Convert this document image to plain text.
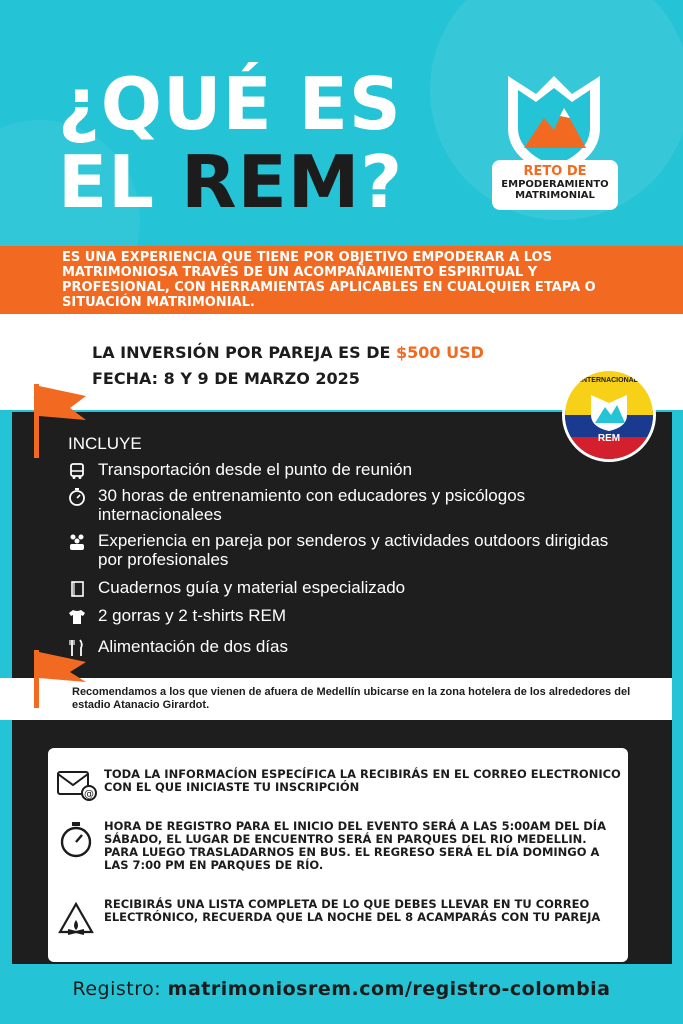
¿QUÉ ES
EL REM?	RETO DE
EMPODERAMIENTO
MATRIMONIAL

ES UNA EXPERIENCIA QUE TIENE POR OBJETIVO EMPODERAR A LOS MATRIMONIOSA TRAVÉS DE UN ACOMPAÑAMIENTO ESPIRITUAL Y PROFESIONAL, CON HERRAMIENTAS APLICABLES EN CUALQUIER ETAPA O SITUACIÓN MATRIMONIAL.

LA INVERSIÓN POR PAREJA ES DE $500 USD
FECHA: 8 Y 9 DE MARZO 2025	INTERNACIONAL
REM
INCLUYE
Transportación desde el punto de reunión
30 horas de entrenamiento con educadores y psicólogos internacionalees
Experiencia en pareja por senderos y actividades outdoors dirigidas por profesionales
Cuadernos guía y material especializado
2 gorras y 2 t-shirts REM
Alimentación de dos días

Recomendamos a los que vienen de afuera de Medellín ubicarse en la zona hotelera de los alrededores del estadio Atanacio Girardot.

@
TODA LA INFORMACÍON ESPECÍFICA LA RECIBIRÁS EN EL CORREO ELECTRONICO CON EL QUE INICIASTE TU INSCRIPCIÓN
HORA DE REGISTRO PARA EL INICIO DEL EVENTO SERÁ A LAS 5:00AM DEL DÍA SÁBADO, EL LUGAR DE ENCUENTRO SERÁ EN PARQUES DEL RIO MEDELLIN. PARA LUEGO TRASLADARNOS EN BUS. EL REGRESO SERÁ EL DÍA DOMINGO A LAS 7:00 PM EN PARQUES DE RÍO.
RECIBIRÁS UNA LISTA COMPLETA DE LO QUE DEBES LLEVAR EN TU CORREO ELECTRÓNICO, RECUERDA QUE LA NOCHE DEL 8 ACAMPARÁS CON TU PAREJA
Registro: matrimoniosrem.com/registro-colombia
